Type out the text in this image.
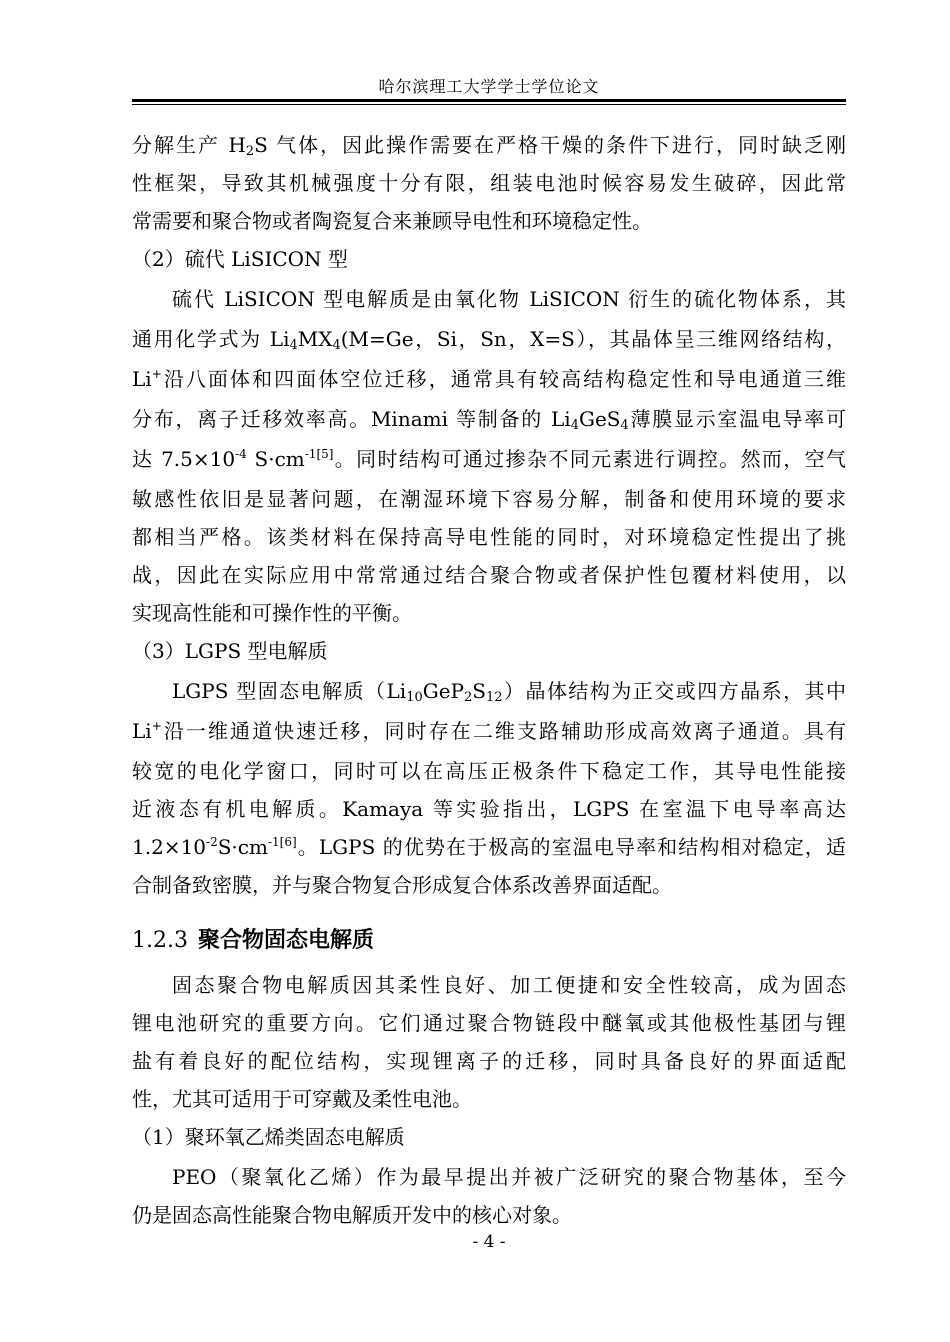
哈尔滨理工大学学士学位论文
分解生产 $H_2S$ 气体，因此操作需要在严格干燥的条件下进行，同时缺乏刚
性框架，导致其机械强度十分有限，组装电池时候容易发生破碎，因此常
常需要和聚合物或者陶瓷复合来兼顾导电性和环境稳定性。
（2）硫代 LiSICON 型
硫代 LiSICON 型电解质是由氧化物 LiSICON 衍生的硫化物体系，其
通用化学式为 $Li_4MX_4(M=Ge$，Si，Sn，X=S），其晶体呈三维网络结构，
Li+沿八面体和四面体空位迁移，通常具有较高结构稳定性和导电通道三维
分布，离子迁移效率高。Minami 等制备的 $Li_4GeS_4$薄膜显示室温电导率可
达 $7.5\times 10^{-4}$ $S\cdot cm^{-1[5]}$。同时结构可通过掺杂不同元素进行调控。然而，空气
敏感性依旧是显著问题，在潮湿环境下容易分解，制备和使用环境的要求
都相当严格。该类材料在保持高导电性能的同时，对环境稳定性提出了挑
战，因此在实际应用中常常通过结合聚合物或者保护性包覆材料使用，以
实现高性能和可操作性的平衡。
（3）LGPS 型电解质
LGPS 型固态电解质$(Li_{10}GeP_2S_{12})$晶体结构为正交或四方晶系，其中
Li+沿一维通道快速迁移，同时存在二维支路辅助形成高效离子通道。具有
较宽的电化学窗口，同时可以在高压正极条件下稳定工作，其导电性能接
近液态有机电解质。Kamaya 等实验指出，LGPS 在室温下电导率高达
$1.2\times 10^{-2}S\cdot cm^{-1[6]}$。LGPS 的优势在于极高的室温电导率和结构相对稳定，适
合制备致密膜，并与聚合物复合形成复合体系改善界面适配。
1.2.3 聚合物固态电解质
固态聚合物电解质因其柔性良好、加工便捷和安全性较高，成为固态
锂电池研究的重要方向。它们通过聚合物链段中醚氧或其他极性基团与锂
盐有着良好的配位结构，实现锂离子的迁移，同时具备良好的界面适配
性，尤其可适用于可穿戴及柔性电池。
（1）聚环氧乙烯类固态电解质
PEO（聚氧化乙烯）作为最早提出并被广泛研究的聚合物基体，至今
仍是固态高性能聚合物电解质开发中的核心对象。
- 4 -
